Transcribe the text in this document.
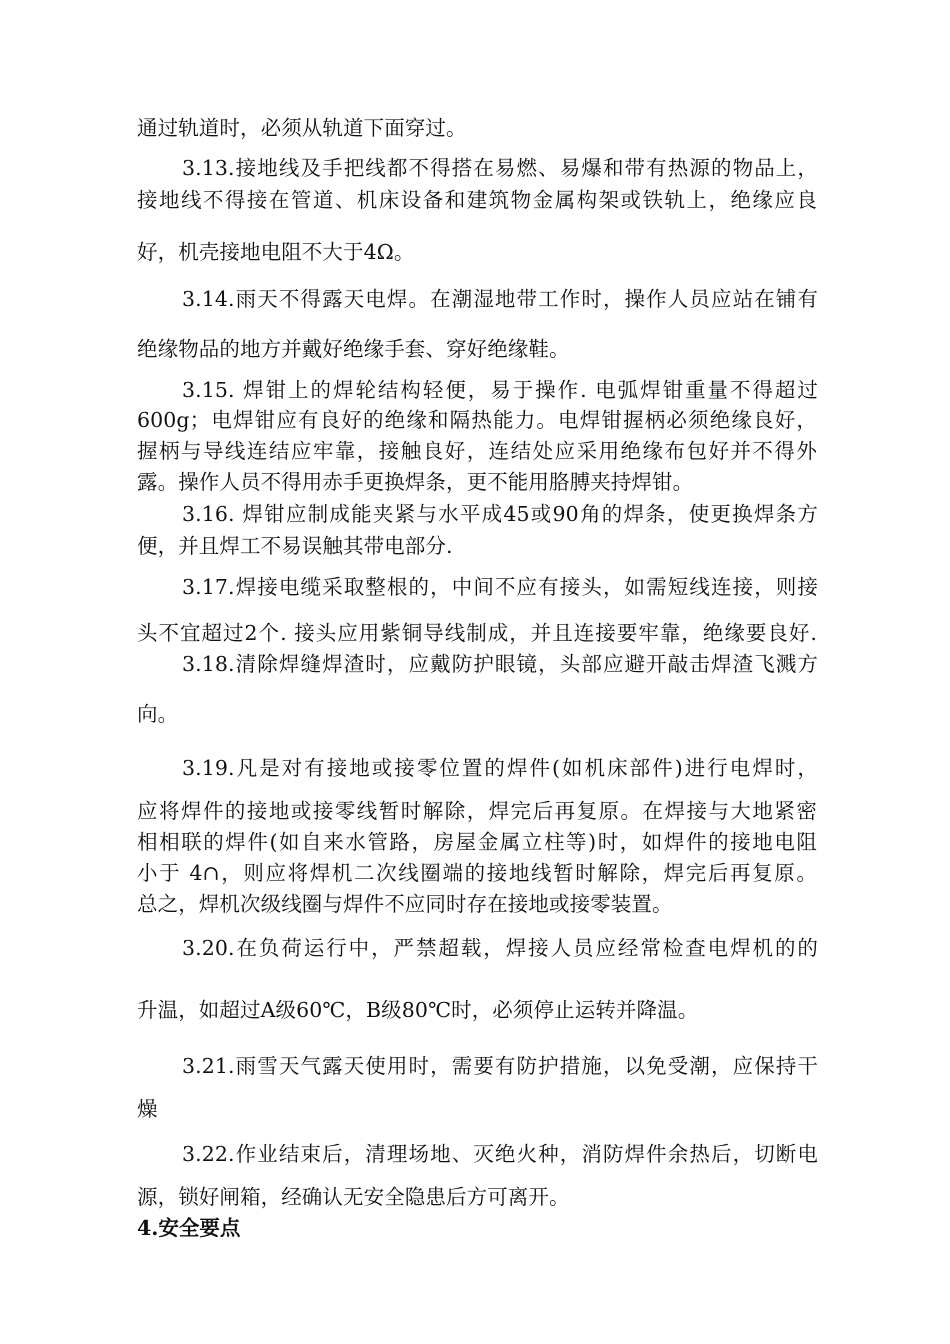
通过轨道时，必须从轨道下面穿过。
3.13.接地线及手把线都不得搭在易燃、易爆和带有热源的物品上，
接地线不得接在管道、机床设备和建筑物金属构架或铁轨上，绝缘应良
好，机壳接地电阻不大于4Ω。
3.14.雨天不得露天电焊。在潮湿地带工作时，操作人员应站在铺有
绝缘物品的地方并戴好绝缘手套、穿好绝缘鞋。
3.15. 焊钳上的焊轮结构轻便，易于操作. 电弧焊钳重量不得超过
600g；电焊钳应有良好的绝缘和隔热能力。电焊钳握柄必须绝缘良好，
握柄与导线连结应牢靠，接触良好，连结处应采用绝缘布包好并不得外
露。操作人员不得用赤手更换焊条，更不能用胳膊夹持焊钳。
3.16. 焊钳应制成能夹紧与水平成45或90角的焊条，使更换焊条方
便，并且焊工不易误触其带电部分.
3.17.焊接电缆采取整根的，中间不应有接头，如需短线连接，则接
头不宜超过2个. 接头应用紫铜导线制成，并且连接要牢靠，绝缘要良好.
3.18.清除焊缝焊渣时，应戴防护眼镜，头部应避开敲击焊渣飞溅方
向。
3.19.凡是对有接地或接零位置的焊件(如机床部件)进行电焊时，
应将焊件的接地或接零线暂时解除，焊完后再复原。在焊接与大地紧密
相相联的焊件(如自来水管路，房屋金属立柱等)时，如焊件的接地电阻
小于 4∩，则应将焊机二次线圈端的接地线暂时解除，焊完后再复原。
总之，焊机次级线圈与焊件不应同时存在接地或接零装置。
3.20.在负荷运行中，严禁超载，焊接人员应经常检查电焊机的的
升温，如超过A级60℃，B级80℃时，必须停止运转并降温。
3.21.雨雪天气露天使用时，需要有防护措施，以免受潮，应保持干
燥
3.22.作业结束后，清理场地、灭绝火种，消防焊件余热后，切断电
源，锁好闸箱，经确认无安全隐患后方可离开。
4.安全要点
